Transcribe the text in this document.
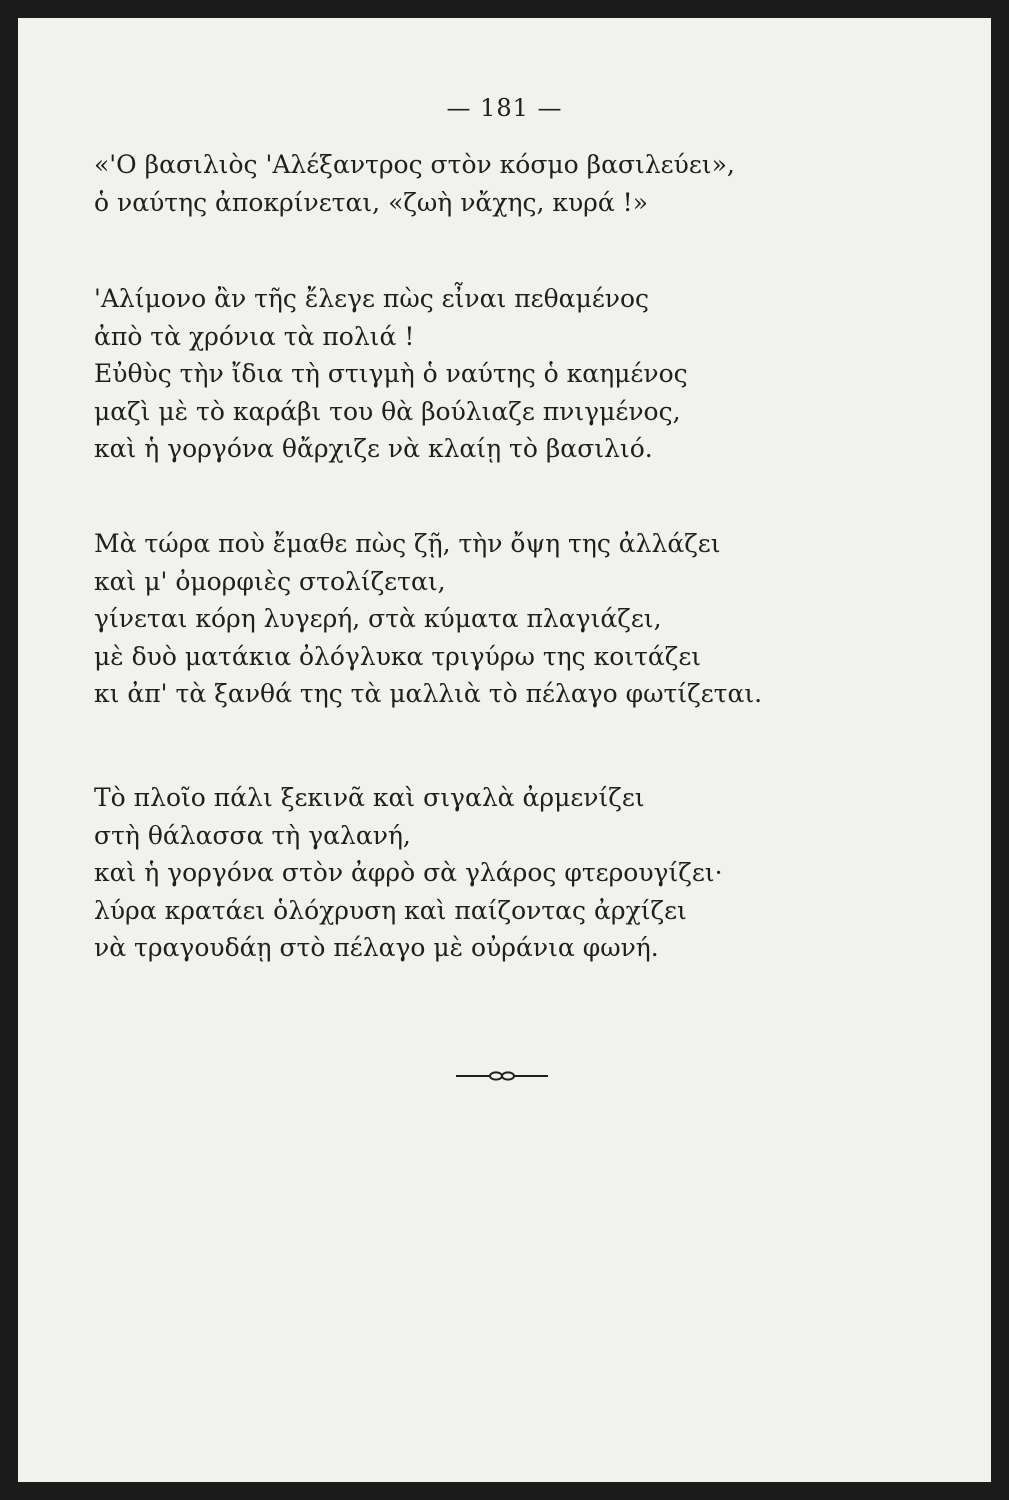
— 181 —
«'Ο βασιλιὸς 'Αλέξαντρος στὸν κόσμο βασιλεύει»,
ὁ ναύτης ἀποκρίνεται, «ζωὴ νἄχης, κυρά !»
'Αλίμονο ἂν τῆς ἔλεγε πὼς εἶναι πεθαμένος
ἀπὸ τὰ χρόνια τὰ πολιά !
Εὐθὺς τὴν ἴδια τὴ στιγμὴ ὁ ναύτης ὁ καημένος
μαζὶ μὲ τὸ καράβι του θὰ βούλιαζε πνιγμένος,
καὶ ἡ γοργόνα θἄρχιζε νὰ κλαίῃ τὸ βασιλιό.
Μὰ τώρα ποὺ ἔμαθε πὼς ζῇ, τὴν ὄψη της ἀλλάζει
καὶ μ' ὀμορφιὲς στολίζεται,
γίνεται κόρη λυγερή, στὰ κύματα πλαγιάζει,
μὲ δυὸ ματάκια ὀλόγλυκα τριγύρω της κοιτάζει
κι ἀπ' τὰ ξανθά της τὰ μαλλιὰ τὸ πέλαγο φωτίζεται.
Τὸ πλοῖο πάλι ξεκινᾶ καὶ σιγαλὰ ἀρμενίζει
στὴ θάλασσα τὴ γαλανή,
καὶ ἡ γοργόνα στὸν ἀφρὸ σὰ γλάρος φτερουγίζει·
λύρα κρατάει ὁλόχρυση καὶ παίζοντας ἀρχίζει
νὰ τραγουδάῃ στὸ πέλαγο μὲ οὐράνια φωνή.
